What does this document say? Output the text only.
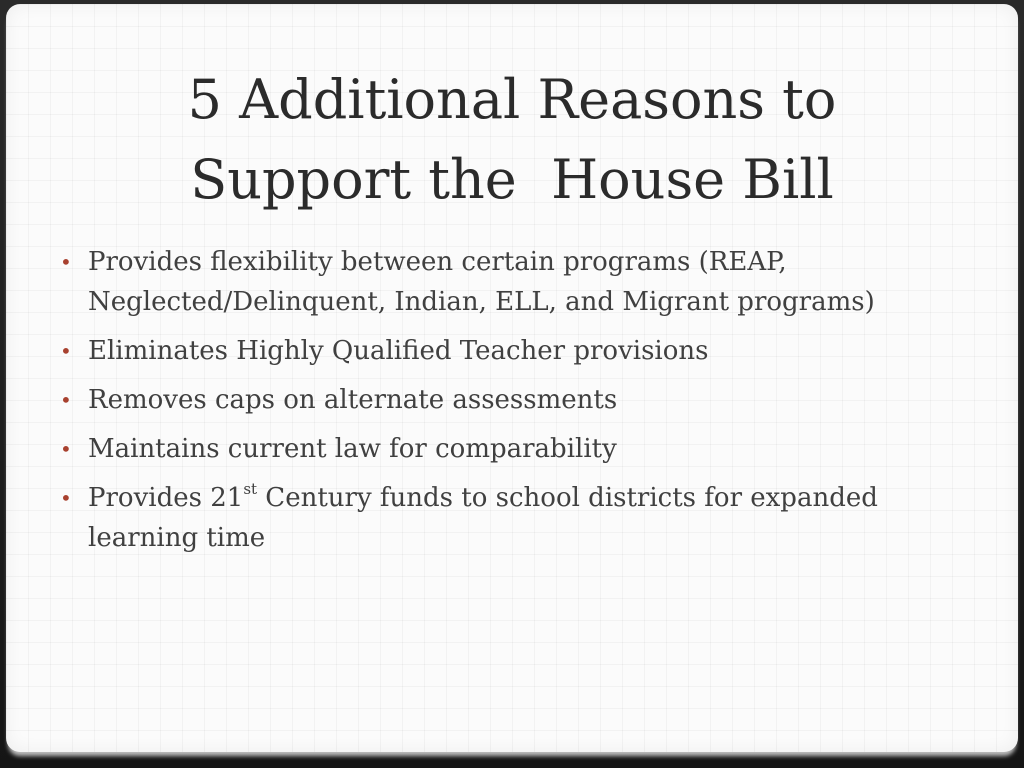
5 Additional Reasons to
Support the  House Bill
• Provides flexibility between certain programs (REAP, Neglected/Delinquent, Indian, ELL, and Migrant programs)
• Eliminates Highly Qualified Teacher provisions
• Removes caps on alternate assessments
• Maintains current law for comparability
• Provides 21st Century funds to school districts for expanded learning time
